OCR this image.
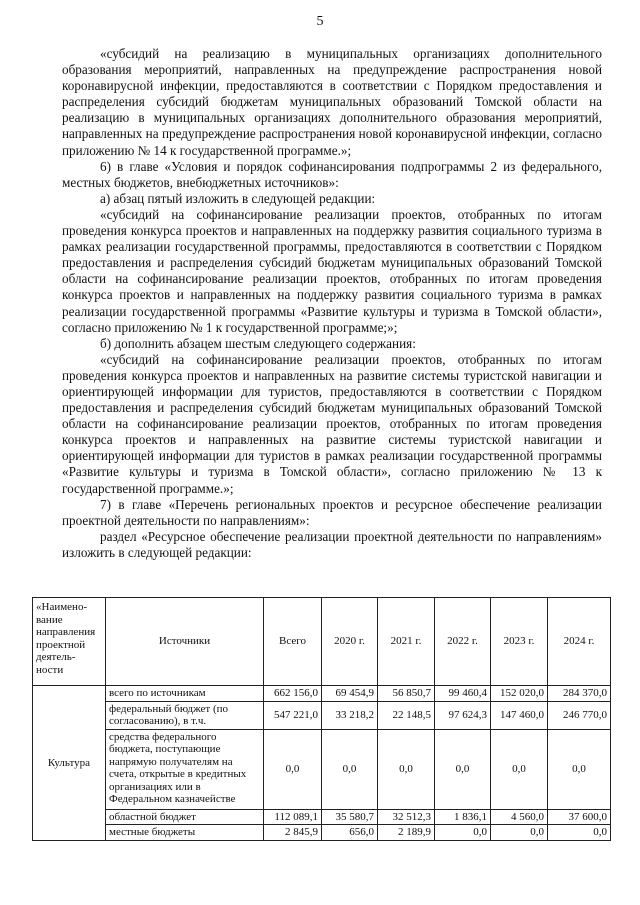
5

«субсидий на реализацию в муниципальных организациях дополнительного образования мероприятий, направленных на предупреждение распространения новой коронавирусной инфекции, предоставляются в соответствии с Порядком предоставления и распределения субсидий бюджетам муниципальных образований Томской области на реализацию в муниципальных организациях дополнительного образования мероприятий, направленных на предупреждение распространения новой коронавирусной инфекции, согласно приложению № 14 к государственной программе.»;

6) в главе «Условия и порядок софинансирования подпрограммы 2 из федерального, местных бюджетов, внебюджетных источников»:

а) абзац пятый изложить в следующей редакции:

«субсидий на софинансирование реализации проектов, отобранных по итогам проведения конкурса проектов и направленных на поддержку развития социального туризма в рамках реализации государственной программы, предоставляются в соответствии с Порядком предоставления и распределения субсидий бюджетам муниципальных образований Томской области на софинансирование реализации проектов, отобранных по итогам проведения конкурса проектов и направленных на поддержку развития социального туризма в рамках реализации государственной программы «Развитие культуры и туризма в Томской области», согласно приложению № 1 к государственной программе;»;

б) дополнить абзацем шестым следующего содержания:

«субсидий на софинансирование реализации проектов, отобранных по итогам проведения конкурса проектов и направленных на развитие системы туристской навигации и ориентирующей информации для туристов, предоставляются в соответствии с Порядком предоставления и распределения субсидий бюджетам муниципальных образований Томской области на софинансирование реализации проектов, отобранных по итогам проведения конкурса проектов и направленных на развитие системы туристской навигации и ориентирующей информации для туристов в рамках реализации государственной программы «Развитие культуры и туризма в Томской области», согласно приложению № 13 к государственной программе.»;

7) в главе «Перечень региональных проектов и ресурсное обеспечение реализации проектной деятельности по направлениям»:

раздел «Ресурсное обеспечение реализации проектной деятельности по направлениям» изложить в следующей редакции:

«Наимено-вание направления проектной деятель-ности	Источники	Всего	2020 г.	2021 г.	2022 г.	2023 г.	2024 г.
Культура	всего по источникам	662 156,0	69 454,9	56 850,7	99 460,4	152 020,0	284 370,0
	федеральный бюджет (по согласованию), в т.ч.	547 221,0	33 218,2	22 148,5	97 624,3	147 460,0	246 770,0
	средства федерального бюджета, поступающие напрямую получателям на счета, открытые в кредитных организациях или в Федеральном казначействе	0,0	0,0	0,0	0,0	0,0	0,0
	областной бюджет	112 089,1	35 580,7	32 512,3	1 836,1	4 560,0	37 600,0
	местные бюджеты	2 845,9	656,0	2 189,9	0,0	0,0	0,0
